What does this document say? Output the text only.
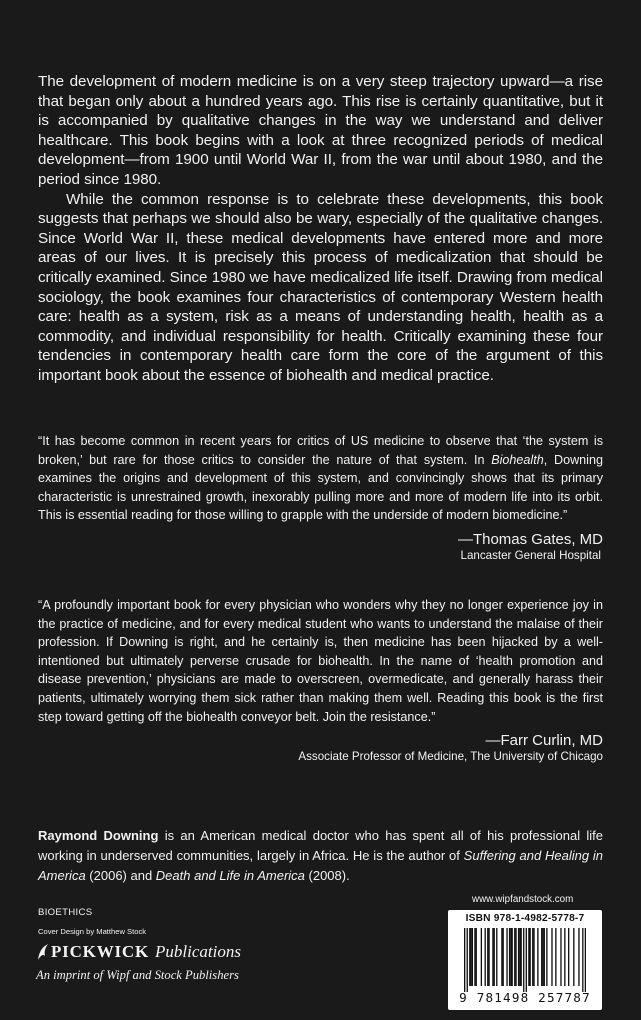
The development of modern medicine is on a very steep trajectory upward—a rise that began only about a hundred years ago. This rise is certainly quantitative, but it is accompanied by qualitative changes in the way we understand and deliver healthcare. This book begins with a look at three recognized periods of medical development—from 1900 until World War II, from the war until about 1980, and the period since 1980.

While the common response is to celebrate these developments, this book suggests that perhaps we should also be wary, especially of the qualitative changes. Since World War II, these medical developments have entered more and more areas of our lives. It is precisely this process of medicalization that should be critically examined. Since 1980 we have medicalized life itself. Drawing from medical sociology, the book examines four characteristics of contemporary Western health care: health as a system, risk as a means of understanding health, health as a commodity, and individual responsibility for health. Critically examining these four tendencies in contemporary health care form the core of the argument of this important book about the essence of biohealth and medical practice.

“It has become common in recent years for critics of US medicine to observe that ‘the system is broken,’ but rare for those critics to consider the nature of that system. In Biohealth, Downing examines the origins and development of this system, and convincingly shows that its primary characteristic is unrestrained growth, inexorably pulling more and more of modern life into its orbit. This is essential reading for those willing to grapple with the underside of modern biomedicine.”

—Thomas Gates, MD
Lancaster General Hospital

“A profoundly important book for every physician who wonders why they no longer experience joy in the practice of medicine, and for every medical student who wants to understand the malaise of their profession. If Downing is right, and he certainly is, then medicine has been hijacked by a well-intentioned but ultimately perverse crusade for biohealth. In the name of ‘health promotion and disease prevention,’ physicians are made to overscreen, overmedicate, and generally harass their patients, ultimately worrying them sick rather than making them well. Reading this book is the first step toward getting off the biohealth conveyor belt. Join the resistance.”

—Farr Curlin, MD
Associate Professor of Medicine, The University of Chicago

Raymond Downing is an American medical doctor who has spent all of his professional life working in underserved communities, largely in Africa. He is the author of Suffering and Healing in America (2006) and Death and Life in America (2008).

BIOETHICS
Cover Design by Matthew Stock
PICKWICK Publications
An imprint of Wipf and Stock Publishers
www.wipfandstock.com
ISBN 978-1-4982-5778-7
9 781498 257787
